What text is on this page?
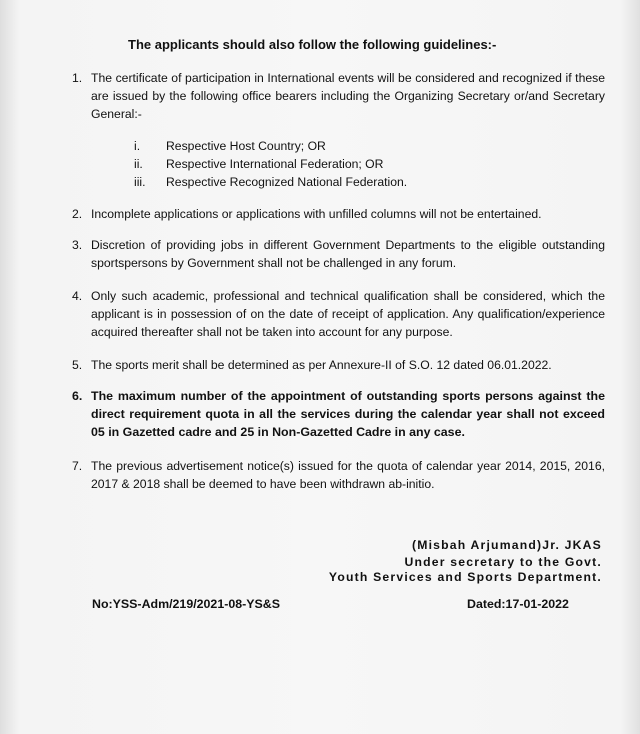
The applicants should also follow the following guidelines:-
1. The certificate of participation in International events will be considered and recognized if these are issued by the following office bearers including the Organizing Secretary or/and Secretary General:-
i. Respective Host Country; OR
ii. Respective International Federation; OR
iii. Respective Recognized National Federation.
2. Incomplete applications or applications with unfilled columns will not be entertained.
3. Discretion of providing jobs in different Government Departments to the eligible outstanding sportspersons by Government shall not be challenged in any forum.
4. Only such academic, professional and technical qualification shall be considered, which the applicant is in possession of on the date of receipt of application. Any qualification/experience acquired thereafter shall not be taken into account for any purpose.
5. The sports merit shall be determined as per Annexure-II of S.O. 12 dated 06.01.2022.
6. The maximum number of the appointment of outstanding sports persons against the direct requirement quota in all the services during the calendar year shall not exceed 05 in Gazetted cadre and 25 in Non-Gazetted Cadre in any case.
7. The previous advertisement notice(s) issued for the quota of calendar year 2014, 2015, 2016, 2017 & 2018 shall be deemed to have been withdrawn ab-initio.
(Misbah Arjumand)Jr. JKAS
Under secretary to the Govt.
Youth Services and Sports Department.
No:YSS-Adm/219/2021-08-YS&S	Dated:17-01-2022
